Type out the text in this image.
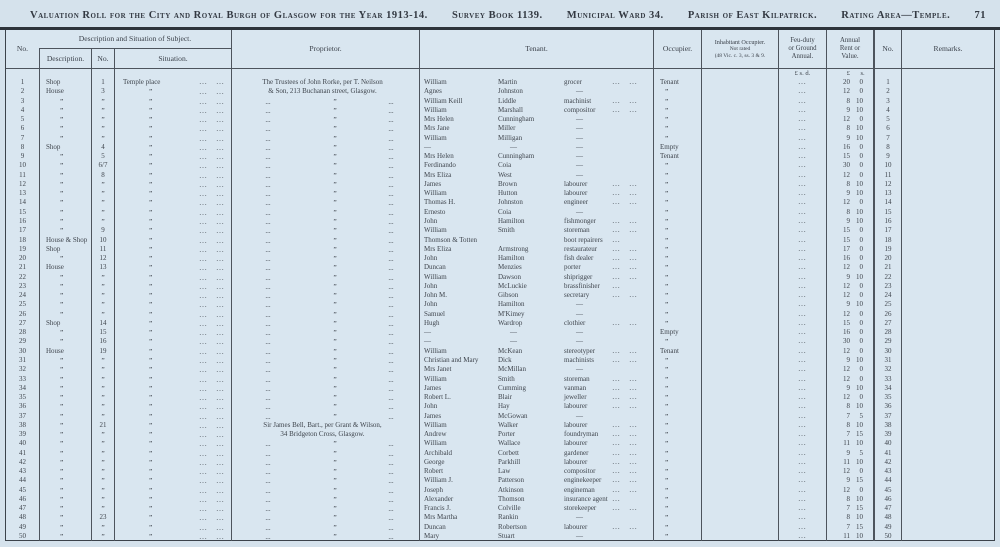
Valuation Roll for the City and Royal Burgh of Glasgow for the Year 1913-14. Survey Book 1139. Municipal Ward 34. Parish of East Kilpatrick. Rating Area—Temple. 71
No.
Description and Situation of Subject.
Description.	No.	Situation.
Proprietor.	Tenant.	Occupier.
Inhabitant Occupier.
Not rated
(48 Vic. c. 3, ss. 3 & 9.
Feu-duty
or Ground
Annual.
Annual
Rent or
Value.
No.	Remarks.
£ s. d.	£ s.
1	Shop	1	Temple place	... ...	The Trustees of John Rorke, per T. Neilson	William	Martin	grocer	... ...	Tenant	...	20 0	1
2	House	3	”	... ...	& Son, 213 Buchanan street, Glasgow.	Agnes	Johnston	—	”	...	12 0	2
3	”	”	”	... ...	...	”	...	William Keill	Liddle	machinist	... ...	”	...	8 10	3
4	”	”	”	... ...	...	”	...	William	Marshall	compositor ... ...	”	...	9 10	4
5	”	”	”	... ...	...	”	...	Mrs Helen	Cunningham	—	”	...	12 0	5
6	”	”	”	... ...	...	”	...	Mrs Jane	Miller	—	”	...	8 10	6
7	”	”	”	... ...	...	”	...	William	Milligan	—	”	...	9 10	7
8	Shop	4	”	... ...	...	”	...	—	—	—	Empty	...	16 0	8
9	”	5	”	... ...	...	”	...	Mrs Helen	Cunningham	—	Tenant	...	15 0	9
10	”	6/7	”	... ...	...	”	...	Ferdinando	Coia	—	”	...	30 0	10
11	”	8	”	... ...	...	”	...	Mrs Eliza	West	—	”	...	12 0	11
12	”	”	”	... ...	...	”	...	James	Brown	labourer	... ...	”	...	8 10	12
13	”	”	”	... ...	...	”	...	William	Hutton	labourer	... ...	”	...	9 10	13
14	”	”	”	... ...	...	”	...	Thomas H.	Johnston	engineer	... ...	”	...	12 0	14
15	”	”	”	... ...	...	”	...	Ernesto	Coia	—	”	...	8 10	15
16	”	”	”	... ...	...	”	...	John	Hamilton	fishmonger ... ...	”	...	9 10	16
17	”	9	”	... ...	...	”	...	William	Smith	storeman	... ...	”	...	15 0	17
18	House & Shop	10	”	... ...	...	”	...	Thomson & Totten	boot repairers ...	”	...	15 0	18
19	Shop	11	”	... ...	...	”	...	Mrs Eliza	Armstrong	restaurateur ... ...	”	...	17 0	19
20	”	12	”	... ...	...	”	...	John	Hamilton	fish dealer	... ...	”	...	16 0	20
21	House	13	”	... ...	...	”	...	Duncan	Menzies	porter	... ...	”	...	12 0	21
22	”	”	”	... ...	...	”	...	William	Dawson	shiprigger	... ...	”	...	9 10	22
23	”	”	”	... ...	...	”	...	John	McLuckie	brassfinisher ...	”	...	12 0	23
24	”	”	”	... ...	...	”	...	John M.	Gibson	secretary	... ...	”	...	12 0	24
25	”	”	”	... ...	...	”	...	John	Hamilton	—	”	...	9 10	25
26	”	”	”	... ...	...	”	...	Samuel	M'Kimey	—	”	...	12 0	26
27	Shop	14	”	... ...	...	”	...	Hugh	Wardrop	clothier	... ...	”	...	15 0	27
28	”	15	”	... ...	...	”	...	—	—	—	Empty	...	16 0	28
29	”	16	”	... ...	...	”	...	—	—	—	”	...	30 0	29
30	House	19	”	... ...	...	”	...	William	McKean	stereotyper ... ...	Tenant	...	12 0	30
31	”	”	”	... ...	...	”	...	Christian and Mary	Dick	machinists	... ...	”	...	9 10	31
32	”	”	”	... ...	...	”	...	Mrs Janet	McMillan	—	”	...	12 0	32
33	”	”	”	... ...	...	”	...	William	Smith	storeman	... ...	”	...	12 0	33
34	”	”	”	... ...	...	”	...	James	Cumming	vanman	... ...	”	...	9 10	34
35	”	”	”	... ...	...	”	...	Robert L.	Blair	jeweller	... ...	”	...	12 0	35
36	”	”	”	... ...	...	”	...	John	Hay	labourer	... ...	”	...	8 10	36
37	”	”	”	... ...	...	”	...	James	McGowan	—	”	...	7 5	37
38	”	21	”	... ...	Sir James Bell, Bart., per Grant & Wilson,	William	Walker	labourer	... ...	”	...	8 10	38
39	”	”	”	... ...	34 Bridgeton Cross, Glasgow.	Andrew	Porter	foundryman ... ...	”	...	7 15	39
40	”	”	”	... ...	...	”	...	William	Wallace	labourer	... ...	”	...	11 10	40
41	”	”	”	... ...	...	”	...	Archibald	Corbett	gardener	... ...	”	...	9 5	41
42	”	”	”	... ...	...	”	...	George	Parkhill	labourer	... ...	”	...	11 10	42
43	”	”	”	... ...	...	”	...	Robert	Law	compositor ... ...	”	...	12 0	43
44	”	”	”	... ...	...	”	...	William J.	Patterson	enginekeeper ... ...	”	...	9 15	44
45	”	”	”	... ...	...	”	...	Joseph	Atkinson	engineman	... ...	”	...	12 0	45
46	”	”	”	... ...	...	”	...	Alexander	Thomson	insurance agent ...	”	...	8 10	46
47	”	”	”	... ...	...	”	...	Francis J.	Colville	storekeeper ... ...	”	...	7 15	47
48	”	23	”	... ...	...	”	...	Mrs Martha	Rankin	—	”	...	8 10	48
49	”	”	”	... ...	...	”	...	Duncan	Robertson	labourer	... ...	”	...	7 15	49
50	”	”	”	... ...	...	”	...	Mary	Stuart	—	”	...	11 10	50
